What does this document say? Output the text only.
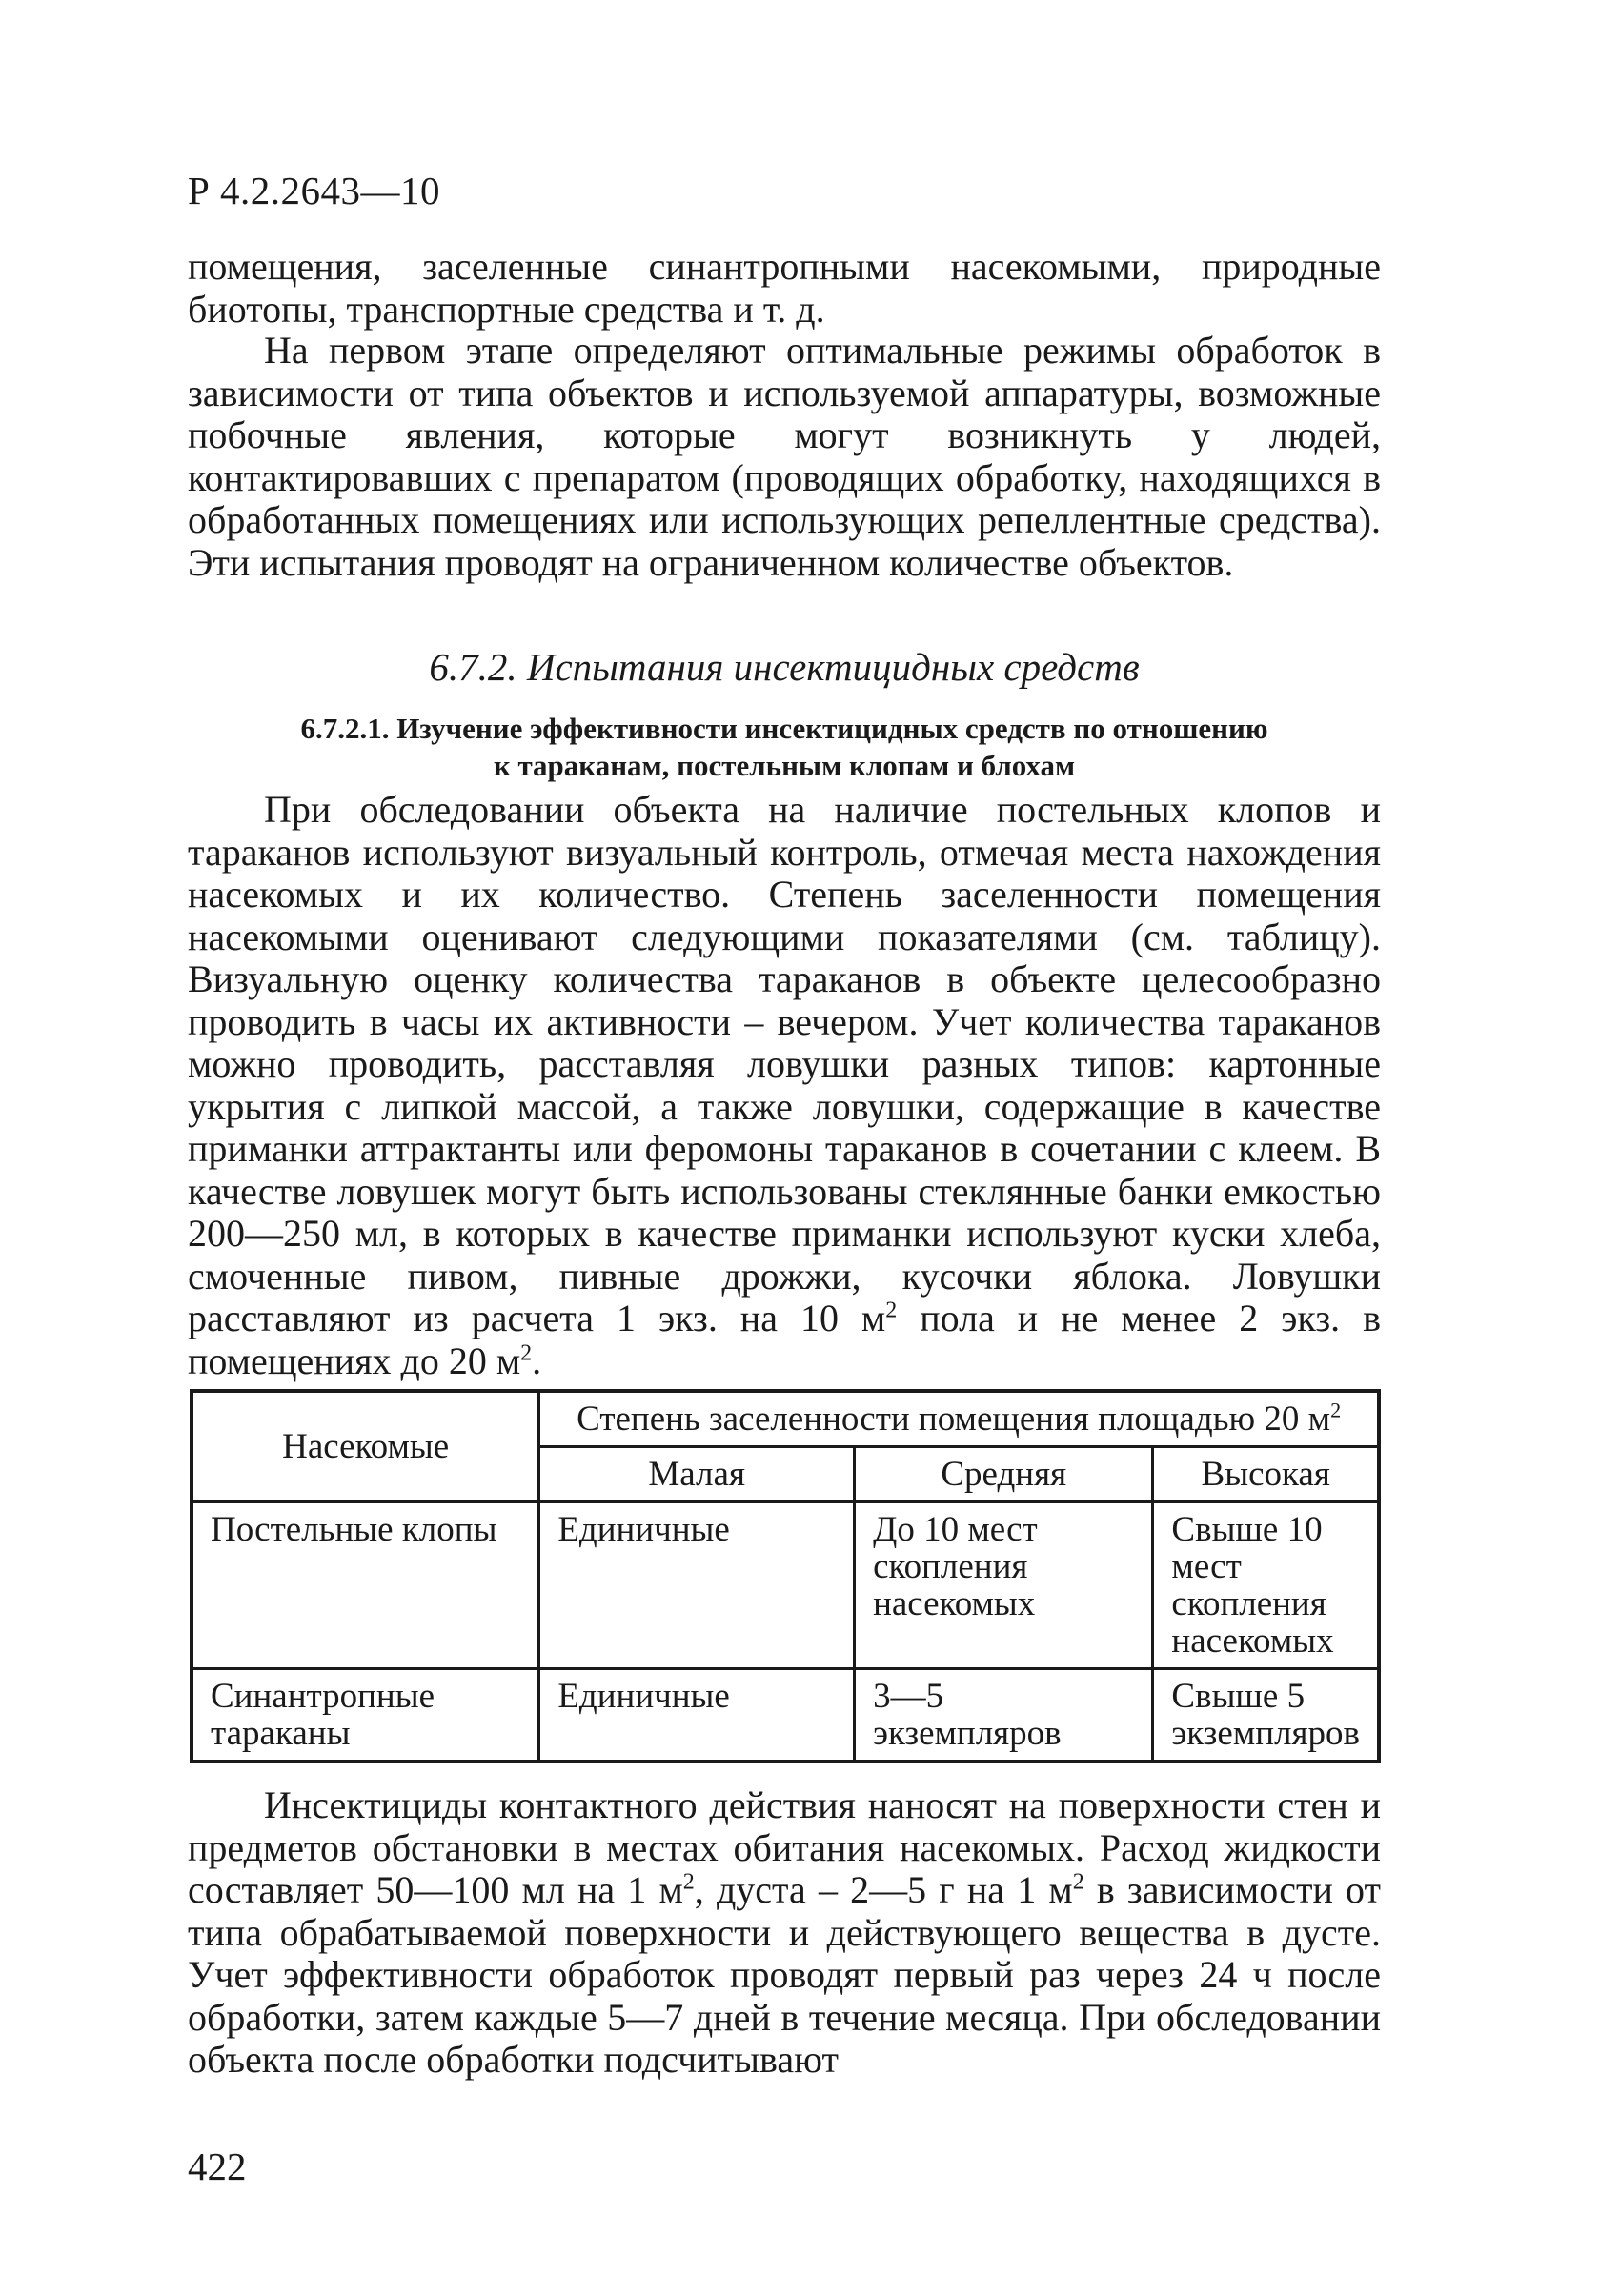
Р 4.2.2643—10

помещения, заселенные синантропными насекомыми, природные биотопы, транспортные средства и т. д.

На первом этапе определяют оптимальные режимы обработок в зависимости от типа объектов и используемой аппаратуры, возможные побочные явления, которые могут возникнуть у людей, контактировавших с препаратом (проводящих обработку, находящихся в обработанных помещениях или использующих репеллентные средства). Эти испытания проводят на ограниченном количестве объектов.

6.7.2. Испытания инсектицидных средств
6.7.2.1. Изучение эффективности инсектицидных средств по отношению
к тараканам, постельным клопам и блохам

При обследовании объекта на наличие постельных клопов и тараканов используют визуальный контроль, отмечая места нахождения насекомых и их количество. Степень заселенности помещения насекомыми оценивают следующими показателями (см. таблицу). Визуальную оценку количества тараканов в объекте целесообразно проводить в часы их активности – вечером. Учет количества тараканов можно проводить, расставляя ловушки разных типов: картонные укрытия с липкой массой, а также ловушки, содержащие в качестве приманки аттрактанты или феромоны тараканов в сочетании с клеем. В качестве ловушек могут быть использованы стеклянные банки емкостью 200—250 мл, в которых в качестве приманки используют куски хлеба, смоченные пивом, пивные дрожжи, кусочки яблока. Ловушки расставляют из расчета 1 экз. на 10 $м^2$ пола и не менее 2 экз. в помещениях до 20 $м^2$.

Насекомые	Степень заселенности помещения площадью 20 $м^2$
	Малая	Средняя	Высокая
Постельные клопы	Единичные	До 10 мест скопления насекомых	Свыше 10 мест скопления насекомых
Синантропные тараканы	Единичные	3—5 экземпляров	Свыше 5 экземпляров

Инсектициды контактного действия наносят на поверхности стен и предметов обстановки в местах обитания насекомых. Расход жидкости составляет 50—100 мл на 1 $м^2$, дуста – 2—5 г на 1 $м^2$ в зависимости от типа обрабатываемой поверхности и действующего вещества в дусте. Учет эффективности обработок проводят первый раз через 24 ч после обработки, затем каждые 5—7 дней в течение месяца. При обследовании объекта после обработки подсчитывают

422
